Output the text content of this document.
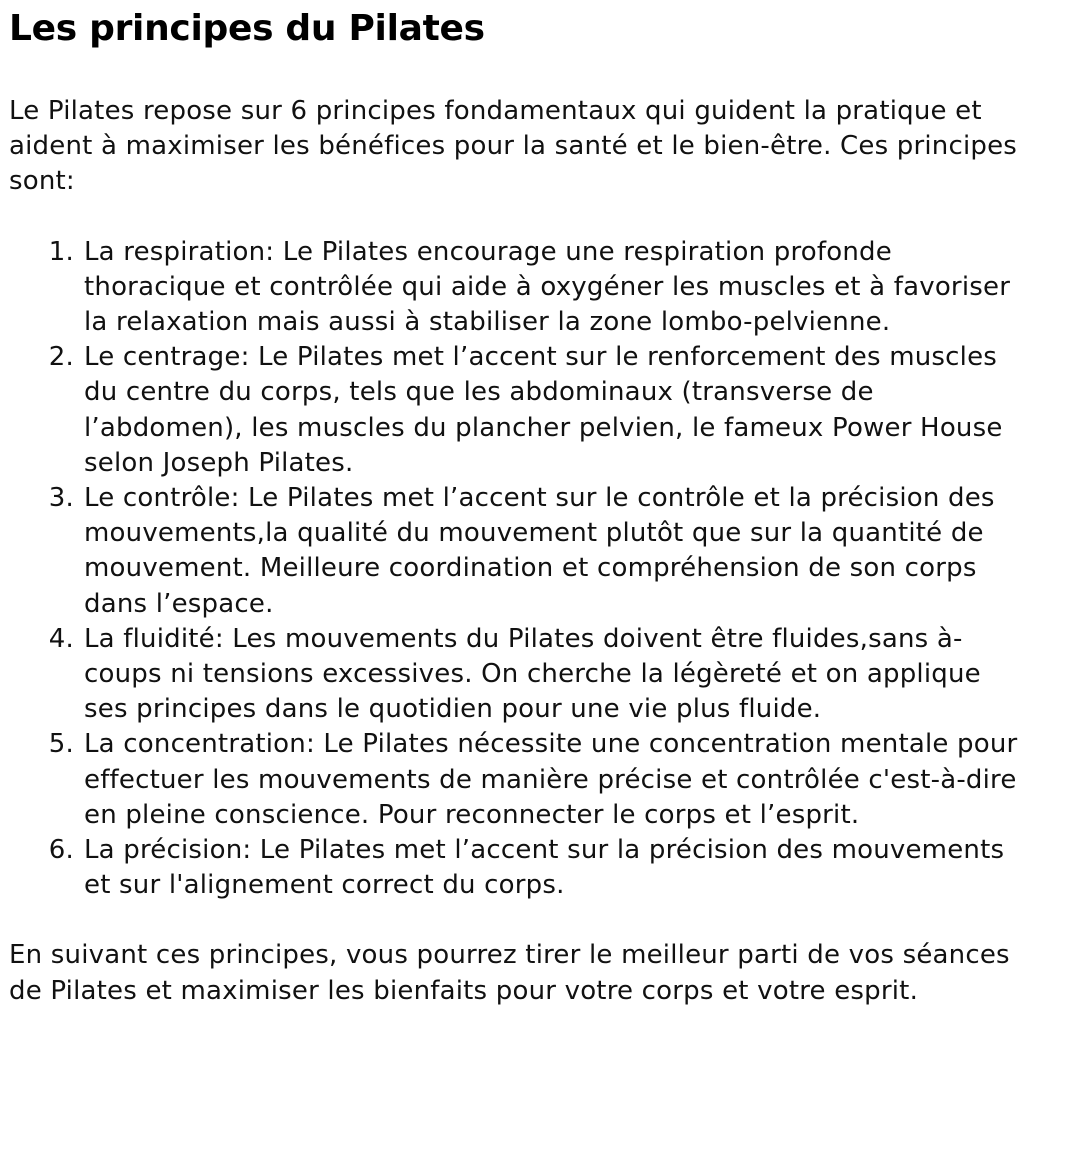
Les principes du Pilates

Le Pilates repose sur 6 principes fondamentaux qui guident la pratique et aident à maximiser les bénéfices pour la santé et le bien-être. Ces principes sont:

1. La respiration: Le Pilates encourage une respiration profonde thoracique et contrôlée qui aide à oxygéner les muscles et à favoriser la relaxation mais aussi à stabiliser la zone lombo-pelvienne.
2. Le centrage: Le Pilates met l’accent sur le renforcement des muscles du centre du corps, tels que les abdominaux (transverse de l’abdomen), les muscles du plancher pelvien, le fameux Power House selon Joseph Pilates.
3. Le contrôle: Le Pilates met l’accent sur le contrôle et la précision des mouvements,la qualité du mouvement plutôt que sur la quantité de mouvement. Meilleure coordination et compréhension de son corps dans l’espace.
4. La fluidité: Les mouvements du Pilates doivent être fluides,sans à-coups ni tensions excessives. On cherche la légèreté et on applique ses principes dans le quotidien pour une vie plus fluide.
5. La concentration: Le Pilates nécessite une concentration mentale pour effectuer les mouvements de manière précise et contrôlée c'est-à-dire en pleine conscience. Pour reconnecter le corps et l’esprit.
6. La précision: Le Pilates met l’accent sur la précision des mouvements et sur l'alignement correct du corps.

En suivant ces principes, vous pourrez tirer le meilleur parti de vos séances de Pilates et maximiser les bienfaits pour votre corps et votre esprit.
